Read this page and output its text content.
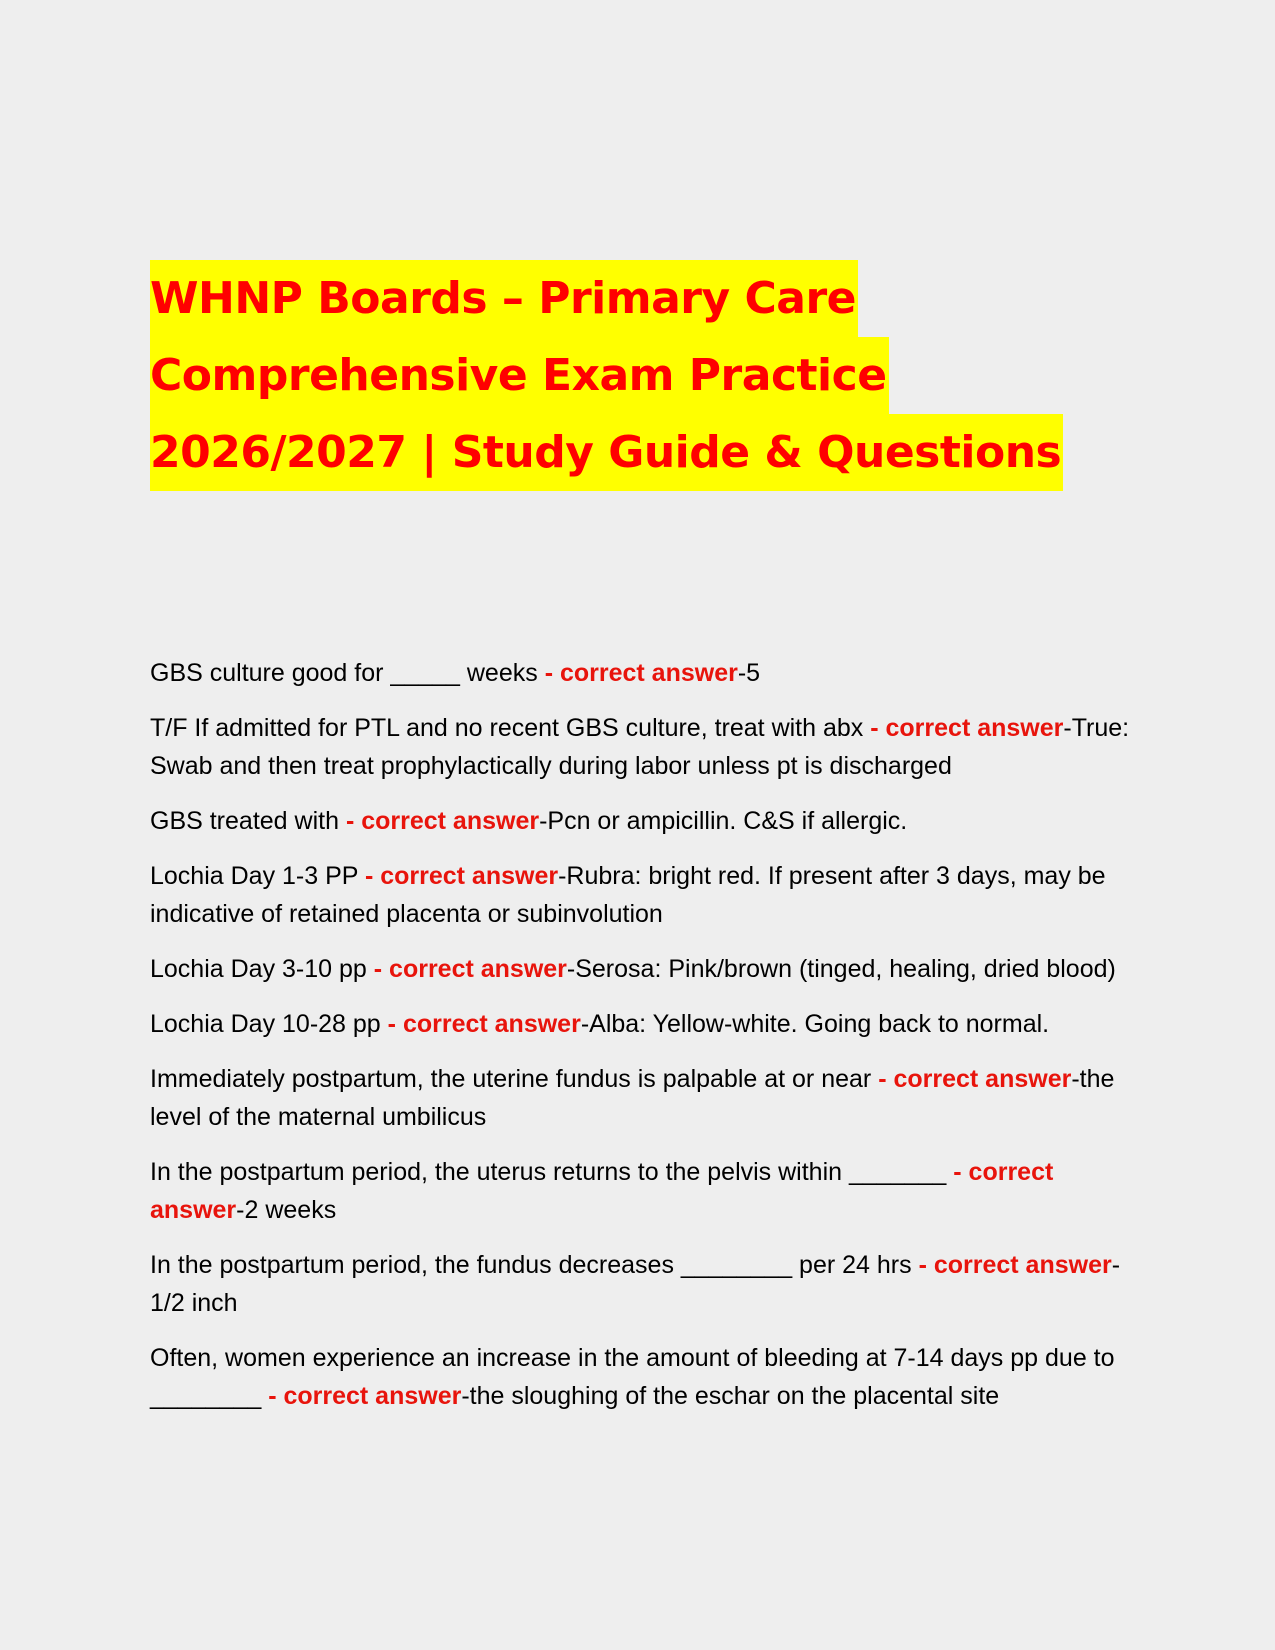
WHNP Boards – Primary Care
Comprehensive Exam Practice
2026/2027 | Study Guide & Questions

GBS culture good for _____ weeks - correct answer-5

T/F If admitted for PTL and no recent GBS culture, treat with abx - correct answer-True: Swab and then treat prophylactically during labor unless pt is discharged

GBS treated with - correct answer-Pcn or ampicillin. C&S if allergic.

Lochia Day 1-3 PP - correct answer-Rubra: bright red. If present after 3 days, may be indicative of retained placenta or subinvolution

Lochia Day 3-10 pp - correct answer-Serosa: Pink/brown (tinged, healing, dried blood)

Lochia Day 10-28 pp - correct answer-Alba: Yellow-white. Going back to normal.

Immediately postpartum, the uterine fundus is palpable at or near - correct answer-the level of the maternal umbilicus

In the postpartum period, the uterus returns to the pelvis within _______ - correct answer-2 weeks

In the postpartum period, the fundus decreases ________ per 24 hrs - correct answer-1/2 inch

Often, women experience an increase in the amount of bleeding at 7-14 days pp due to ________ - correct answer-the sloughing of the eschar on the placental site
